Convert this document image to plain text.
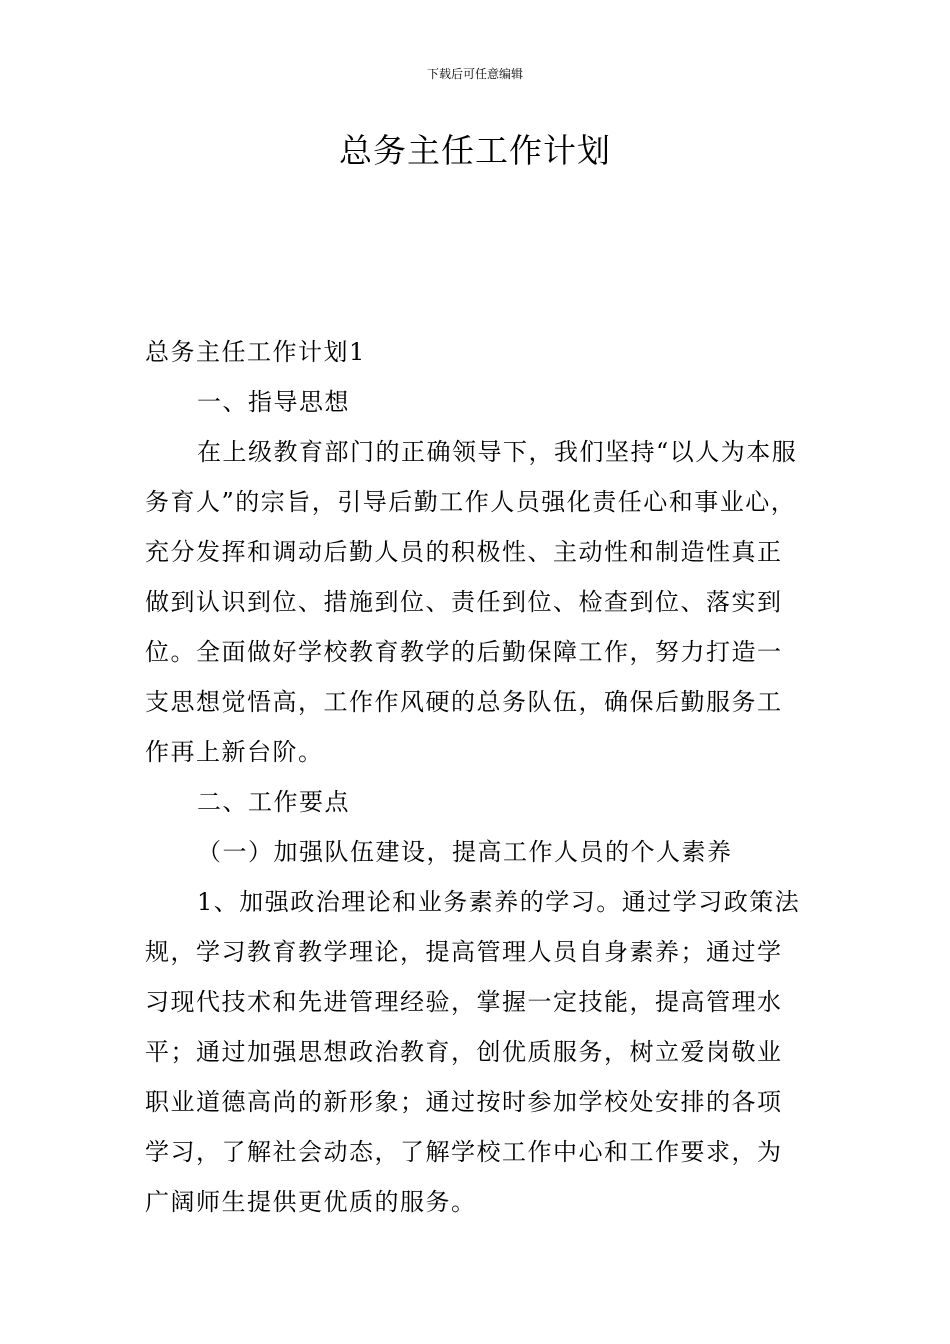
下载后可任意编辑
总务主任工作计划

总务主任工作计划1

一、指导思想

在上级教育部门的正确领导下，我们坚持“以人为本服务育人”的宗旨，引导后勤工作人员强化责任心和事业心，充分发挥和调动后勤人员的积极性、主动性和制造性真正做到认识到位、措施到位、责任到位、检查到位、落实到位。全面做好学校教育教学的后勤保障工作，努力打造一支思想觉悟高，工作作风硬的总务队伍，确保后勤服务工作再上新台阶。

二、工作要点

（一）加强队伍建设，提高工作人员的个人素养

1、加强政治理论和业务素养的学习。通过学习政策法规，学习教育教学理论，提高管理人员自身素养；通过学习现代技术和先进管理经验，掌握一定技能，提高管理水平；通过加强思想政治教育，创优质服务，树立爱岗敬业职业道德高尚的新形象；通过按时参加学校处安排的各项学习，了解社会动态，了解学校工作中心和工作要求，为广阔师生提供更优质的服务。
